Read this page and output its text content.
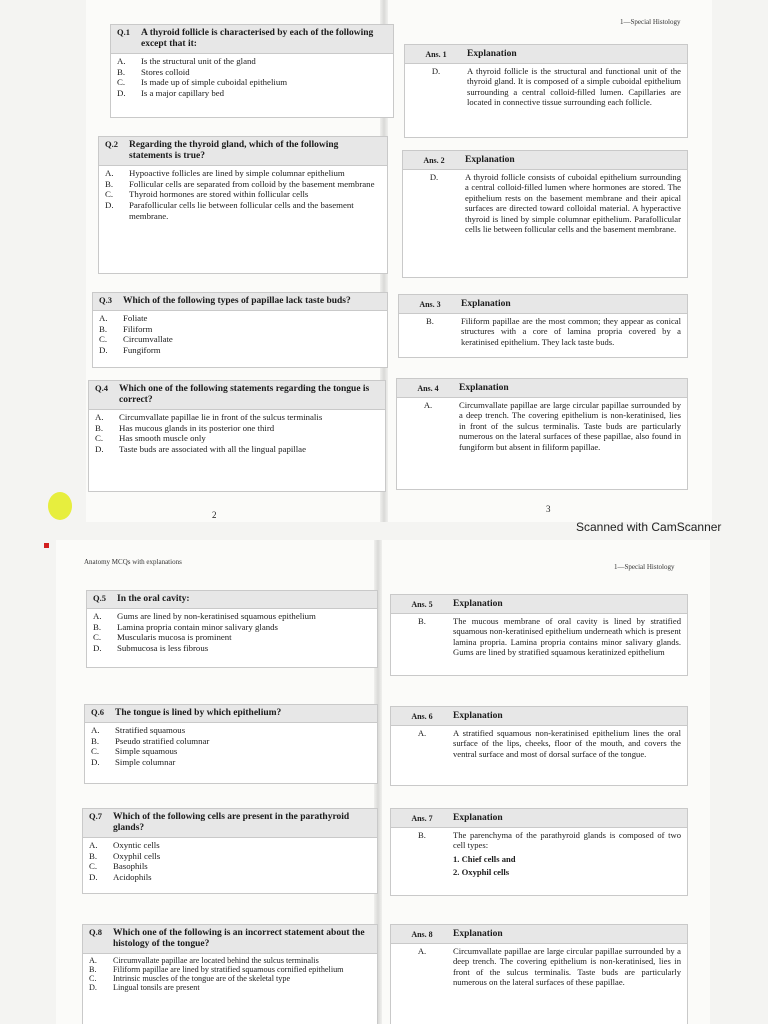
1—Special Histology
Q.1	A thyroid follicle is characterised by each of the following except that it:
A.	Is the structural unit of the gland
B.	Stores colloid
C.	Is made up of simple cuboidal epithelium
D.	Is a major capillary bed
Ans. 1	Explanation
D.	A thyroid follicle is the structural and functional unit of the thyroid gland. It is composed of a simple cuboidal epithelium surrounding a central colloid-filled lumen. Capillaries are located in connective tissue surrounding each follicle.
Q.2	Regarding the thyroid gland, which of the following statements is true?
A.	Hypoactive follicles are lined by simple columnar epithelium
B.	Follicular cells are separated from colloid by the basement membrane
C.	Thyroid hormones are stored within follicular cells
D.	Parafollicular cells lie between follicular cells and the basement membrane.
Ans. 2	Explanation
D.	A thyroid follicle consists of cuboidal epithelium surrounding a central colloid-filled lumen where hormones are stored. The epithelium rests on the basement membrane and their apical surfaces are directed toward colloidal material. A hyperactive thyroid is lined by simple columnar epithelium. Parafollicular cells lie between follicular cells and the basement membrane.
Q.3	Which of the following types of papillae lack taste buds?
A.	Foliate
B.	Filiform
C.	Circumvallate
D.	Fungiform
Ans. 3	Explanation
B.	Filiform papillae are the most common; they appear as conical structures with a core of lamina propria covered by a keratinised epithelium. They lack taste buds.
Q.4	Which one of the following statements regarding the tongue is correct?
A.	Circumvallate papillae lie in front of the sulcus terminalis
B.	Has mucous glands in its posterior one third
C.	Has smooth muscle only
D.	Taste buds are associated with all the lingual papillae
Ans. 4	Explanation
A.	Circumvallate papillae are large circular papillae surrounded by a deep trench. The covering epithelium is non-keratinised, lies in front of the sulcus terminalis. Taste buds are particularly numerous on the lateral surfaces of these papillae, also found in fungiform but absent in filiform papillae.
2
3
Scanned with CamScanner
Anatomy MCQs with explanations
1—Special Histology
Q.5	In the oral cavity:
A.	Gums are lined by non-keratinised squamous epithelium
B.	Lamina propria contain minor salivary glands
C.	Muscularis mucosa is prominent
D.	Submucosa is less fibrous
Ans. 5	Explanation
B.	The mucous membrane of oral cavity is lined by stratified squamous non-keratinised epithelium underneath which is present lamina propria. Lamina propria contains minor salivary glands. Gums are lined by stratified squamous keratinized epithelium
Q.6	The tongue is lined by which epithelium?
A.	Stratified squamous
B.	Pseudo stratified columnar
C.	Simple squamous
D.	Simple columnar
Ans. 6	Explanation
A.	A stratified squamous non-keratinised epithelium lines the oral surface of the lips, cheeks, floor of the mouth, and covers the ventral surface and most of dorsal surface of the tongue.
Q.7	Which of the following cells are present in the parathyroid glands?
A.	Oxyntic cells
B.	Oxyphil cells
C.	Basophils
D.	Acidophils
Ans. 7	Explanation
B.	The parenchyma of the parathyroid glands is composed of two cell types:
1. Chief cells and
2. Oxyphil cells
Q.8	Which one of the following is an incorrect statement about the histology of the tongue?
A.	Circumvallate papillae are located behind the sulcus terminalis
B.	Filiform papillae are lined by stratified squamous cornified epithelium
C.	Intrinsic muscles of the tongue are of the skeletal type
D.	Lingual tonsils are present
Ans. 8	Explanation
A.	Circumvallate papillae are large circular papillae surrounded by a deep trench. The covering epithelium is non-keratinised, lies in front of the sulcus terminalis. Taste buds are particularly numerous on the lateral surfaces of these papillae.
